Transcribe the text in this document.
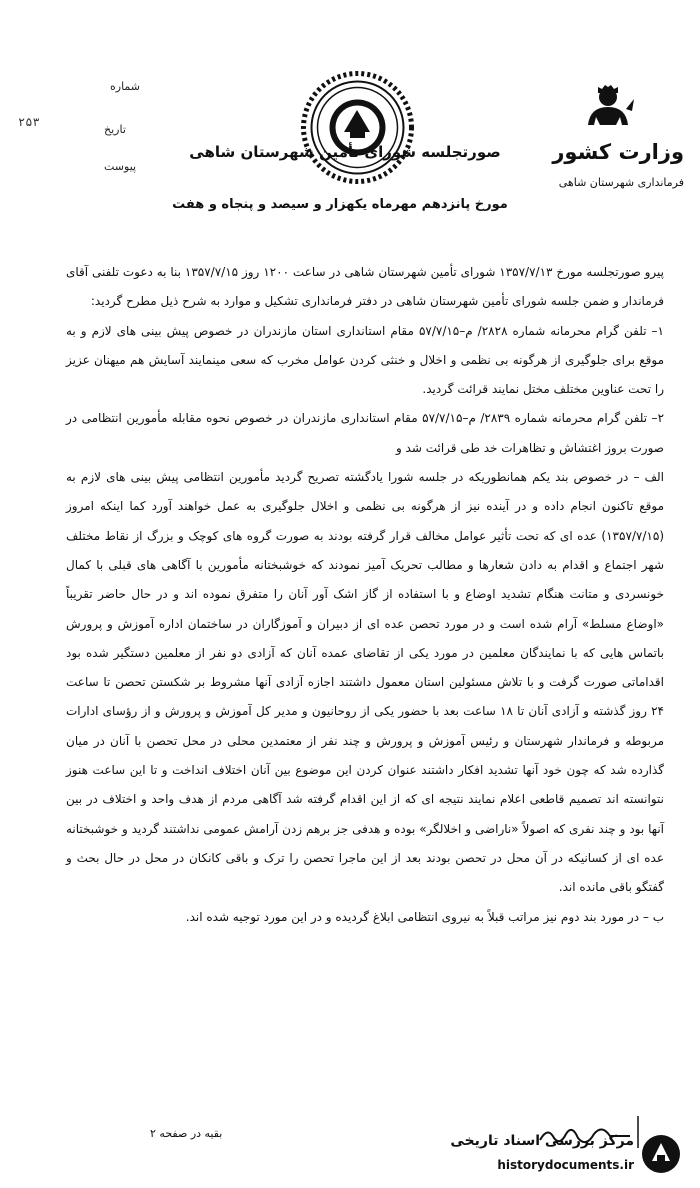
شماره
تاریخ
پیوست
۲۵۳
وزارت کشور
فرمانداری شهرستان شاهی
صورتجلسه شورای تأمین شهرستان شاهی
مورخ پانزدهم مهرماه یکهزار و سیصد و پنجاه و هفت

پیرو صورتجلسه مورخ ۱۳۵۷/۷/۱۳ شورای تأمین شهرستان شاهی در ساعت ۱۲۰۰ روز ۱۳۵۷/۷/۱۵ بنا به دعوت تلفنی آقای فرماندار و ضمن جلسه شورای تأمین شهرستان شاهی در دفتر فرمانداری تشکیل و موارد به شرح ذیل مطرح گردید:

۱– تلفن گرام محرمانه شماره ۲۸۲۸/ م–۵۷/۷/۱۵ مقام استانداری استان مازندران در خصوص پیش بینی های لازم و به موقع برای جلوگیری از هرگونه بی نظمی و اخلال و خنثی کردن عوامل مخرب که سعی مینمایند آسایش هم میهنان عزیز را تحت عناوین مختلف مختل نمایند قرائت گردید.

۲– تلفن گرام محرمانه شماره ۲۸۳۹/ م–۵۷/۷/۱۵ مقام استانداری مازندران در خصوص نحوه مقابله مأمورین انتظامی در صورت بروز اغتشاش و تظاهرات خد طی قرائت شد و

الف – در خصوص بند یکم همانطوریکه در جلسه شورا یادگشته تصریح گردید مأمورین انتظامی پیش بینی های لازم به موقع تاکنون انجام داده و در آینده نیز از هرگونه بی نظمی و اخلال جلوگیری به عمل خواهند آورد کما اینکه امروز (۱۳۵۷/۷/۱۵) عده ای که تحت تأثیر عوامل مخالف قرار گرفته بودند به صورت گروه های کوچک و بزرگ از نقاط مختلف شهر اجتماع و اقدام به دادن شعارها و مطالب تحریک آمیز نمودند که خوشبختانه مأمورین با آگاهی های قبلی با کمال خونسردی و متانت هنگام تشدید اوضاع و با استفاده از گاز اشک آور آنان را متفرق نموده اند و در حال حاضر تقریباً «اوضاع مسلط» آرام شده است و در مورد تحصن عده ای از دبیران و آموزگاران در ساختمان اداره آموزش و پرورش باتماس هایی که با نمایندگان معلمین در مورد یکی از تقاضای عمده آنان که آزادی دو نفر از معلمین دستگیر شده بود اقداماتی صورت گرفت و با تلاش مسئولین استان معمول داشتند اجازه آزادی آنها مشروط بر شکستن تحصن تا ساعت ۲۴ روز گذشته و آزادی آنان تا ۱۸ ساعت بعد با حضور یکی از روحانیون و مدیر کل آموزش و پرورش و از رؤسای ادارات مربوطه و فرماندار شهرستان و رئیس آموزش و پرورش و چند نفر از معتمدین محلی در محل تحصن با آنان در میان گذارده شد که چون خود آنها تشدید افکار داشتند عنوان کردن این موضوع بین آنان اختلاف انداخت و تا این ساعت هنوز نتوانسته اند تصمیم قاطعی اعلام نمایند نتیجه ای که از این اقدام گرفته شد آگاهی مردم از هدف واحد و اختلاف در بین آنها بود و چند نفری که اصولاً «ناراضی و اخلالگر» بوده و هدفی جز برهم زدن آرامش عمومی نداشتند گردید و خوشبختانه عده ای از کسانیکه در آن محل در تحصن بودند بعد از این ماجرا تحصن را ترک و باقی کانکان در محل در حال بحث و گفتگو باقی مانده اند.

ب – در مورد بند دوم نیز مراتب قبلاً به نیروی انتظامی ابلاغ گردیده و در این مورد توجیه شده اند.

بقیه در صفحه ۲	مرکز بررسی اسناد تاریخی
historydocuments.ir
